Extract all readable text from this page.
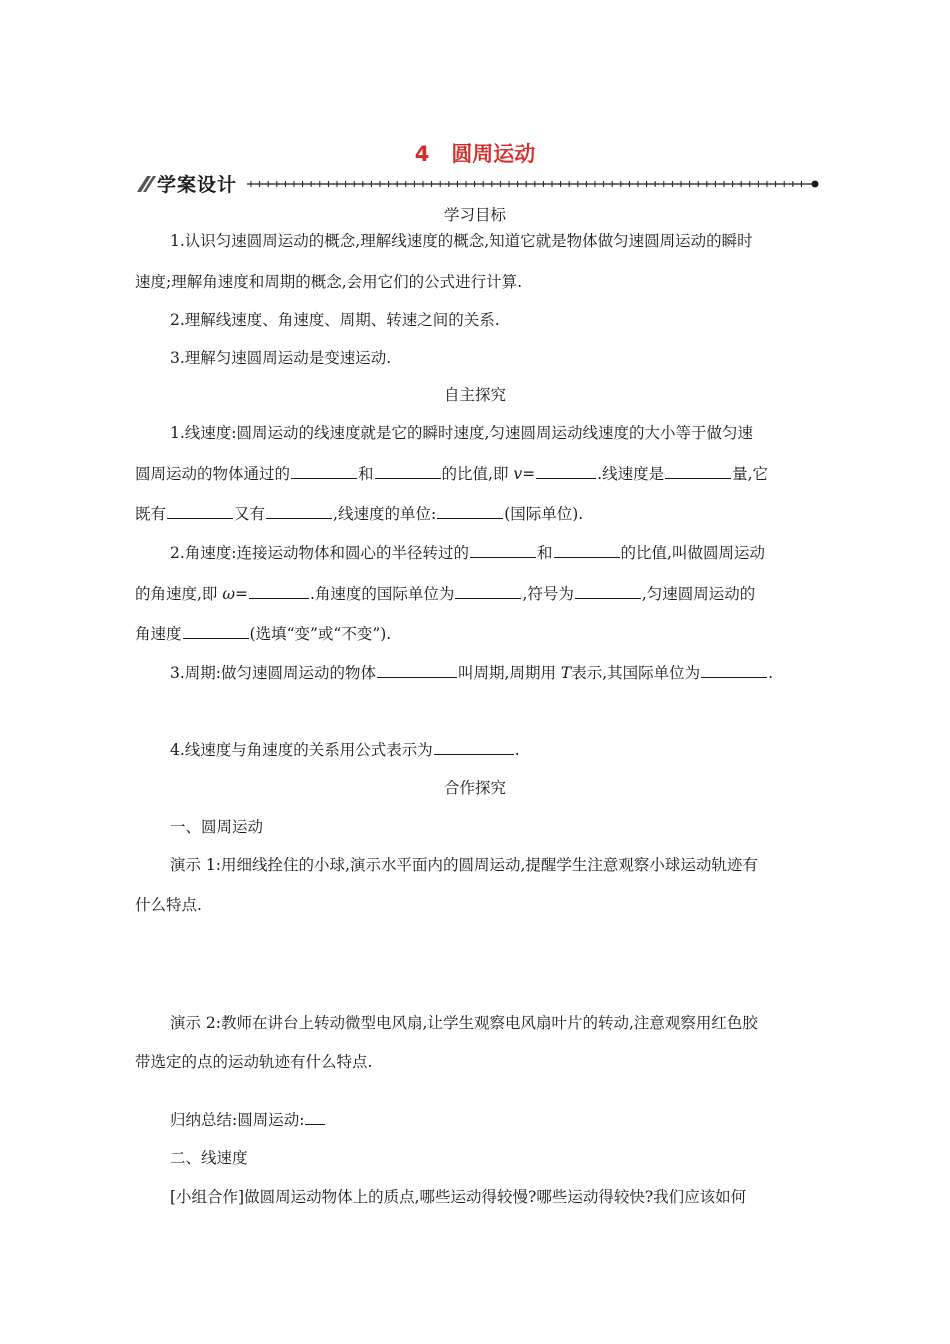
4 圆周运动
学案设计
学习目标
1.认识匀速圆周运动的概念,理解线速度的概念,知道它就是物体做匀速圆周运动的瞬时
速度;理解角速度和周期的概念,会用它们的公式进行计算.
2.理解线速度、角速度、周期、转速之间的关系.
3.理解匀速圆周运动是变速运动.
自主探究
1.线速度:圆周运动的线速度就是它的瞬时速度,匀速圆周运动线速度的大小等于做匀速
圆周运动的物体通过的	和	的比值,即 v=	.线速度是	量,它
既有	又有	,线速度的单位:	(国际单位).
2.角速度:连接运动物体和圆心的半径转过的	和	的比值,叫做圆周运动
的角速度,即 ω=	.角速度的国际单位为	,符号为	,匀速圆周运动的
角速度	(选填“变”或“不变”).
3.周期:做匀速圆周运动的物体	叫周期,周期用 T表示,其国际单位为	.
4.线速度与角速度的关系用公式表示为	.
合作探究
一、圆周运动
演示 1:用细线拴住的小球,演示水平面内的圆周运动,提醒学生注意观察小球运动轨迹有
什么特点.
演示 2:教师在讲台上转动微型电风扇,让学生观察电风扇叶片的转动,注意观察用红色胶
带选定的点的运动轨迹有什么特点.
归纳总结:圆周运动:
二、线速度
[小组合作]做圆周运动物体上的质点,哪些运动得较慢?哪些运动得较快?我们应该如何
